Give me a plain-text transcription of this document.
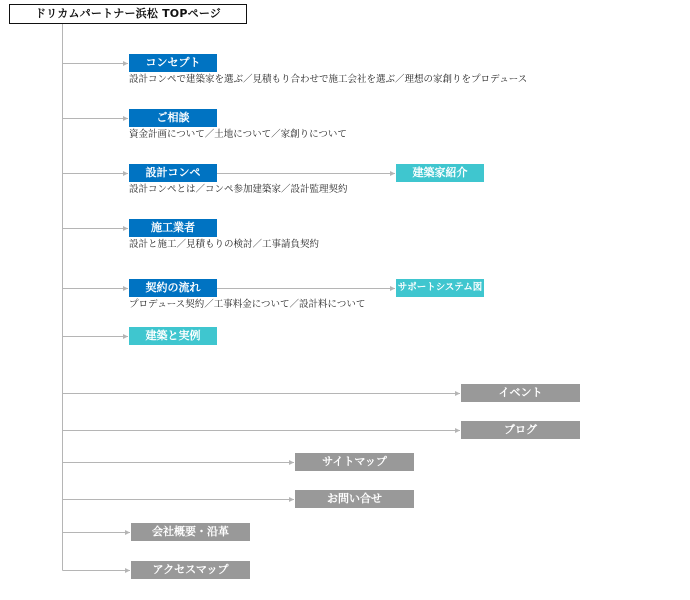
ドリカムパートナー浜松 TOPページ
コンセプト
設計コンペで建築家を選ぶ／見積もり合わせで施工会社を選ぶ／理想の家創りをプロデュース
ご相談
資金計画について／土地について／家創りについて
設計コンペ
設計コンペとは／コンペ参加建築家／設計監理契約
建築家紹介
施工業者
設計と施工／見積もりの検討／工事請負契約
契約の流れ
プロデュース契約／工事料金について／設計料について
サポートシステム図
建築と実例
イベント
ブログ
サイトマップ
お問い合せ
会社概要・沿革
アクセスマップ
